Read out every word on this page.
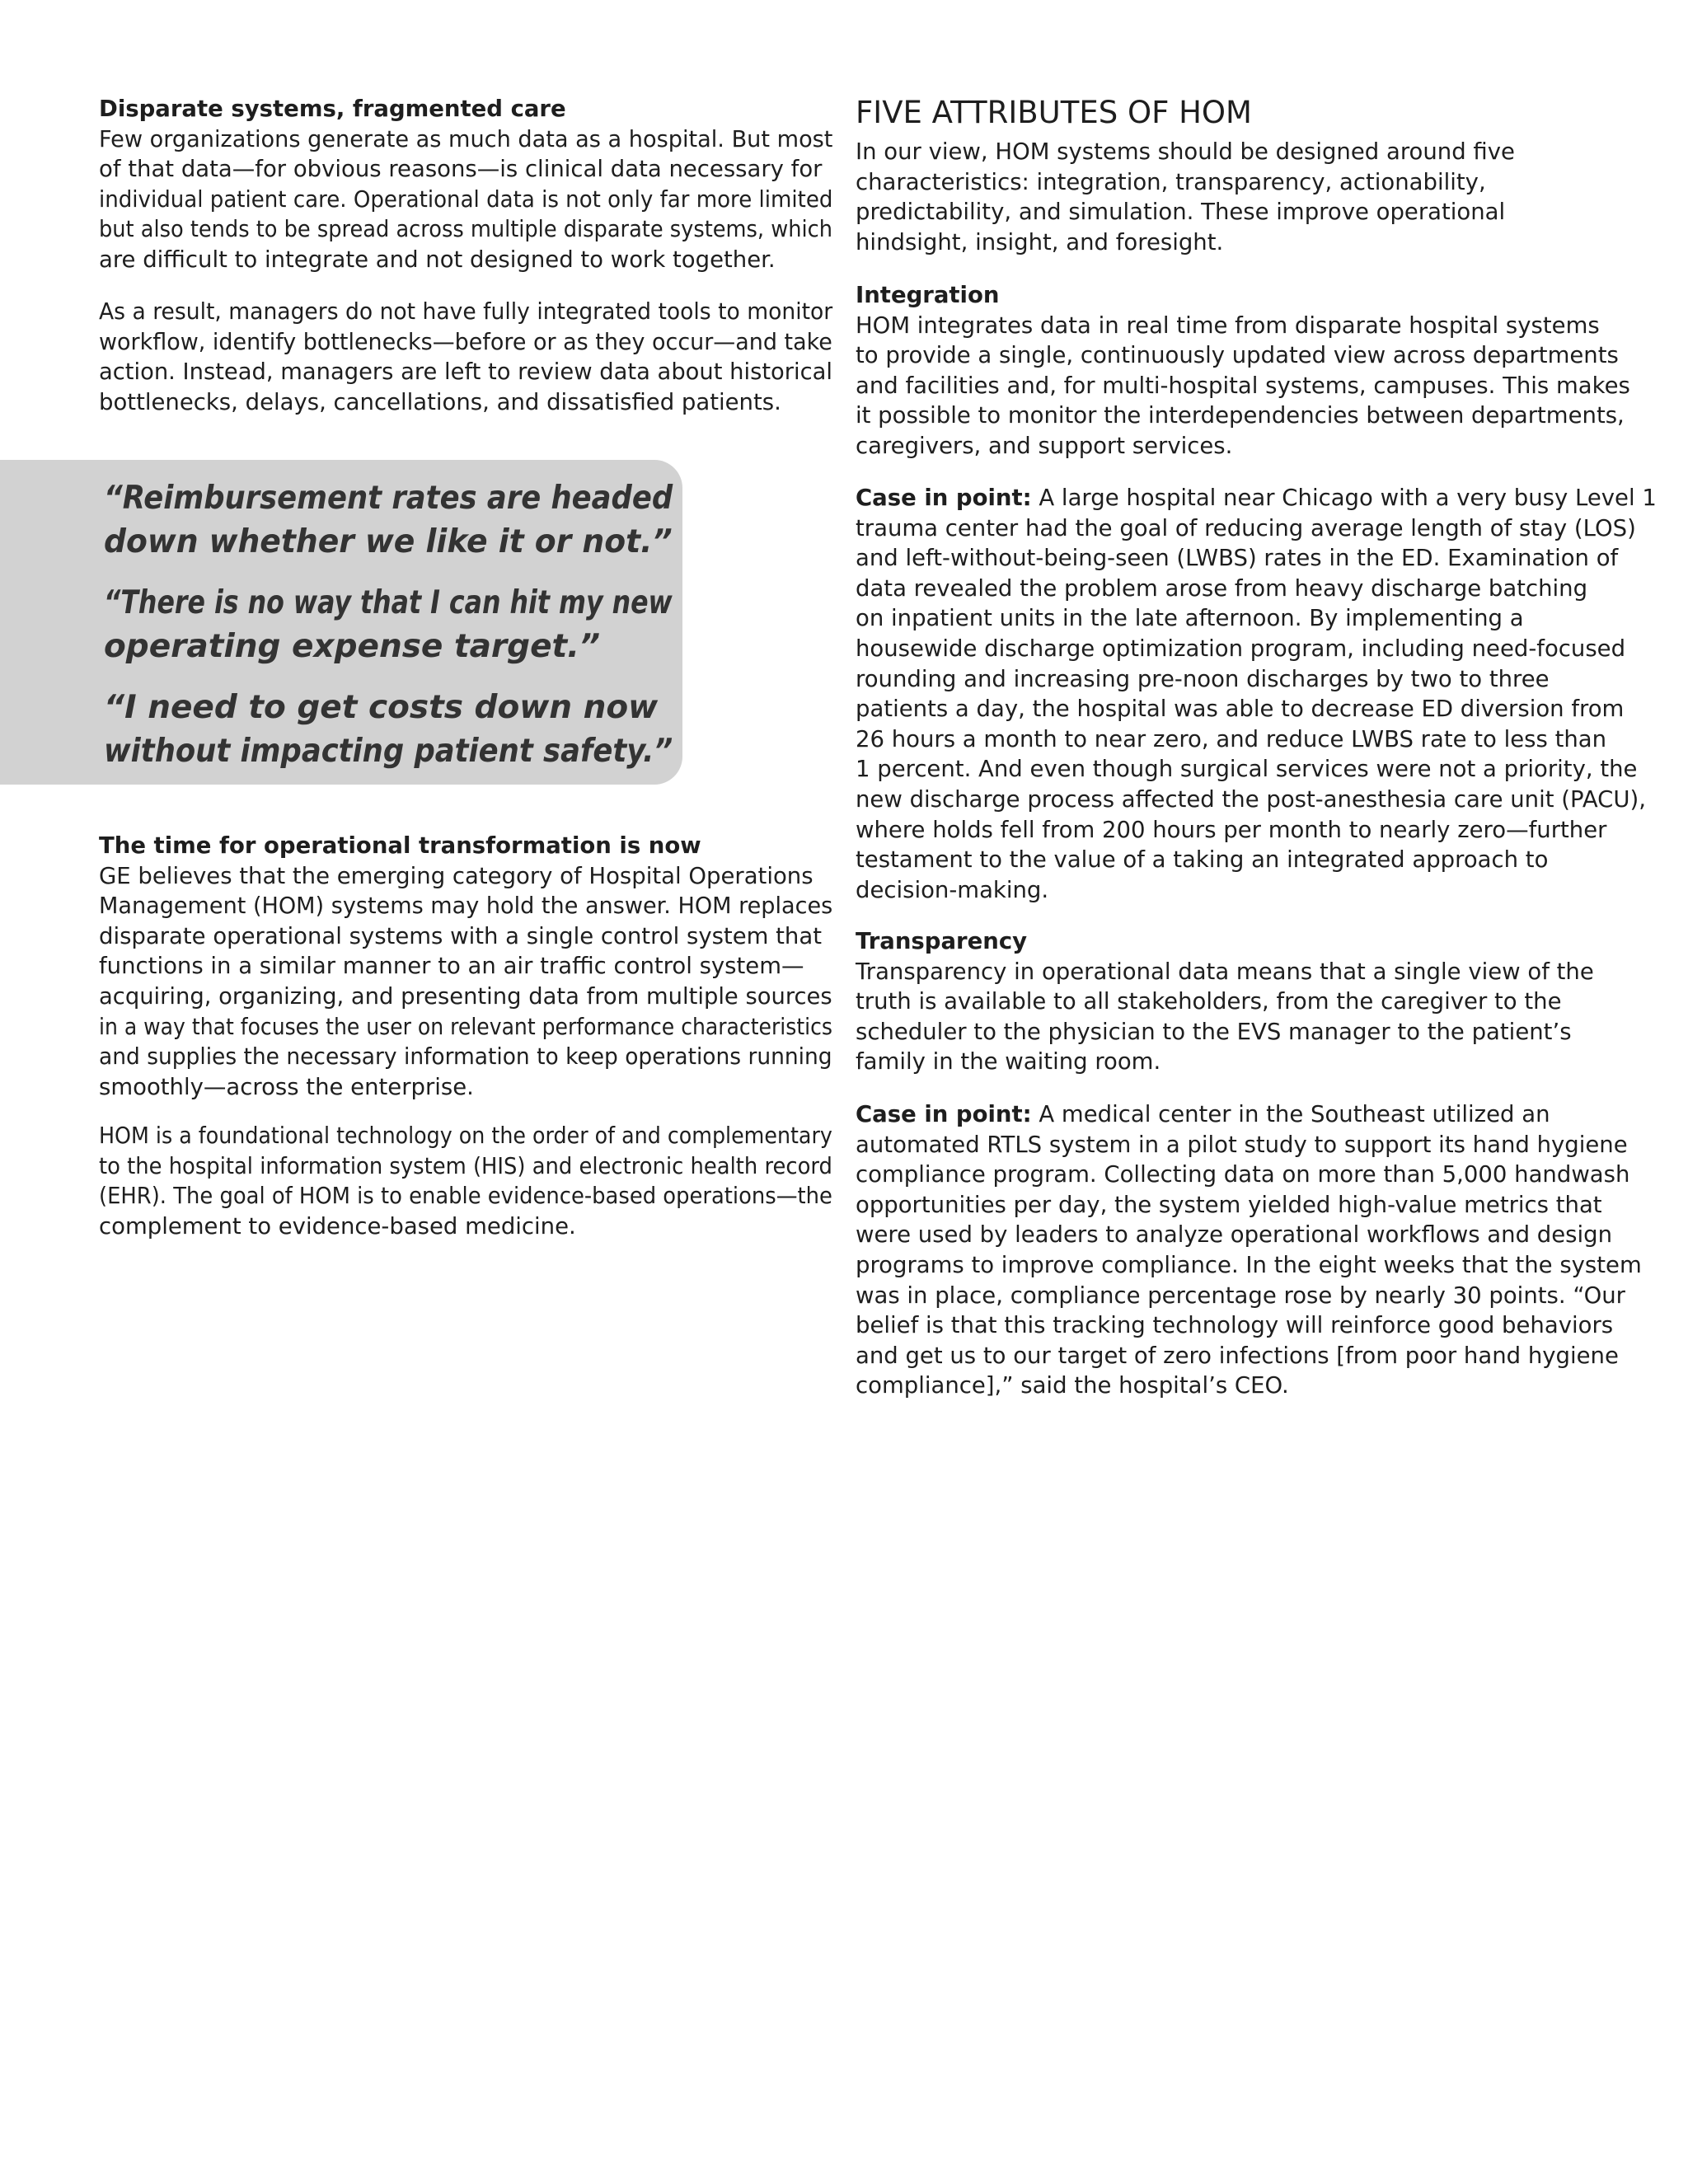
Disparate systems, fragmented care

Few organizations generate as much data as a hospital. But most

of that data—for obvious reasons—is clinical data necessary for

individual patient care. Operational data is not only far more limited

but also tends to be spread across multiple disparate systems, which

are difficult to integrate and not designed to work together.

As a result, managers do not have fully integrated tools to monitor

workflow, identify bottlenecks—before or as they occur—and take

action. Instead, managers are left to review data about historical

bottlenecks, delays, cancellations, and dissatisfied patients.

The time for operational transformation is now

GE believes that the emerging category of Hospital Operations

Management (HOM) systems may hold the answer. HOM replaces

disparate operational systems with a single control system that

functions in a similar manner to an air traffic control system—

acquiring, organizing, and presenting data from multiple sources

in a way that focuses the user on relevant performance characteristics

and supplies the necessary information to keep operations running

smoothly—across the enterprise.

HOM is a foundational technology on the order of and complementary

to the hospital information system (HIS) and electronic health record

(EHR). The goal of HOM is to enable evidence-based operations—the

complement to evidence-based medicine.

“Reimbursement rates are headed

down whether we like it or not.”

“There is no way that I can hit my new

operating expense target.”

“I need to get costs down now

without impacting patient safety.”

FIVE ATTRIBUTES OF HOM

In our view, HOM systems should be designed around five

characteristics: integration, transparency, actionability,

predictability, and simulation. These improve operational

hindsight, insight, and foresight.

Integration

HOM integrates data in real time from disparate hospital systems

to provide a single, continuously updated view across departments

and facilities and, for multi-hospital systems, campuses. This makes

it possible to monitor the interdependencies between departments,

caregivers, and support services.

Case in point: A large hospital near Chicago with a very busy Level 1

trauma center had the goal of reducing average length of stay (LOS)

and left-without-being-seen (LWBS) rates in the ED. Examination of

data revealed the problem arose from heavy discharge batching

on inpatient units in the late afternoon. By implementing a

housewide discharge optimization program, including need-focused

rounding and increasing pre-noon discharges by two to three

patients a day, the hospital was able to decrease ED diversion from

26 hours a month to near zero, and reduce LWBS rate to less than

1 percent. And even though surgical services were not a priority, the

new discharge process affected the post-anesthesia care unit (PACU),

where holds fell from 200 hours per month to nearly zero—further

testament to the value of a taking an integrated approach to

decision-making.

Transparency

Transparency in operational data means that a single view of the

truth is available to all stakeholders, from the caregiver to the

scheduler to the physician to the EVS manager to the patient’s

family in the waiting room.

Case in point: A medical center in the Southeast utilized an

automated RTLS system in a pilot study to support its hand hygiene

compliance program. Collecting data on more than 5,000 handwash

opportunities per day, the system yielded high-value metrics that

were used by leaders to analyze operational workflows and design

programs to improve compliance. In the eight weeks that the system

was in place, compliance percentage rose by nearly 30 points. “Our

belief is that this tracking technology will reinforce good behaviors

and get us to our target of zero infections [from poor hand hygiene

compliance],” said the hospital’s CEO.
